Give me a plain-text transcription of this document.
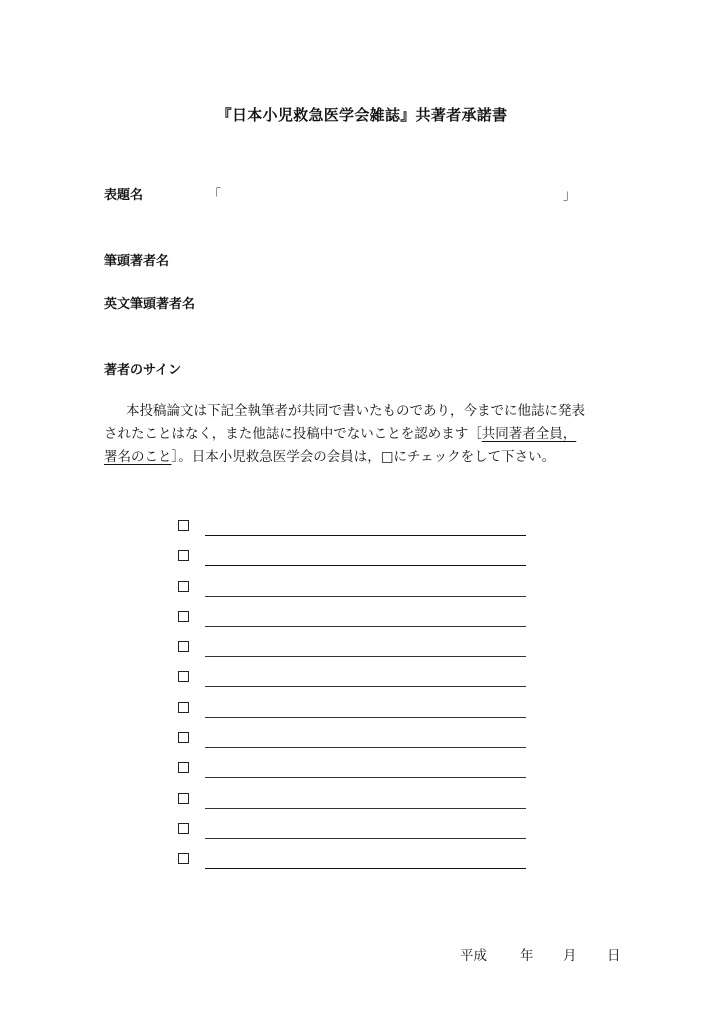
『日本小児救急医学会雑誌』共著者承諾書
表題名	「	」
筆頭著者名
英文筆頭著者名
著者のサイン
本投稿論文は下記全執筆者が共同で書いたものであり，今までに他誌に発表
されたことはなく，また他誌に投稿中でないことを認めます［共同著者全員，
署名のこと］。日本小児救急医学会の会員は，□にチェックをして下さい。
平成 年 月 日
